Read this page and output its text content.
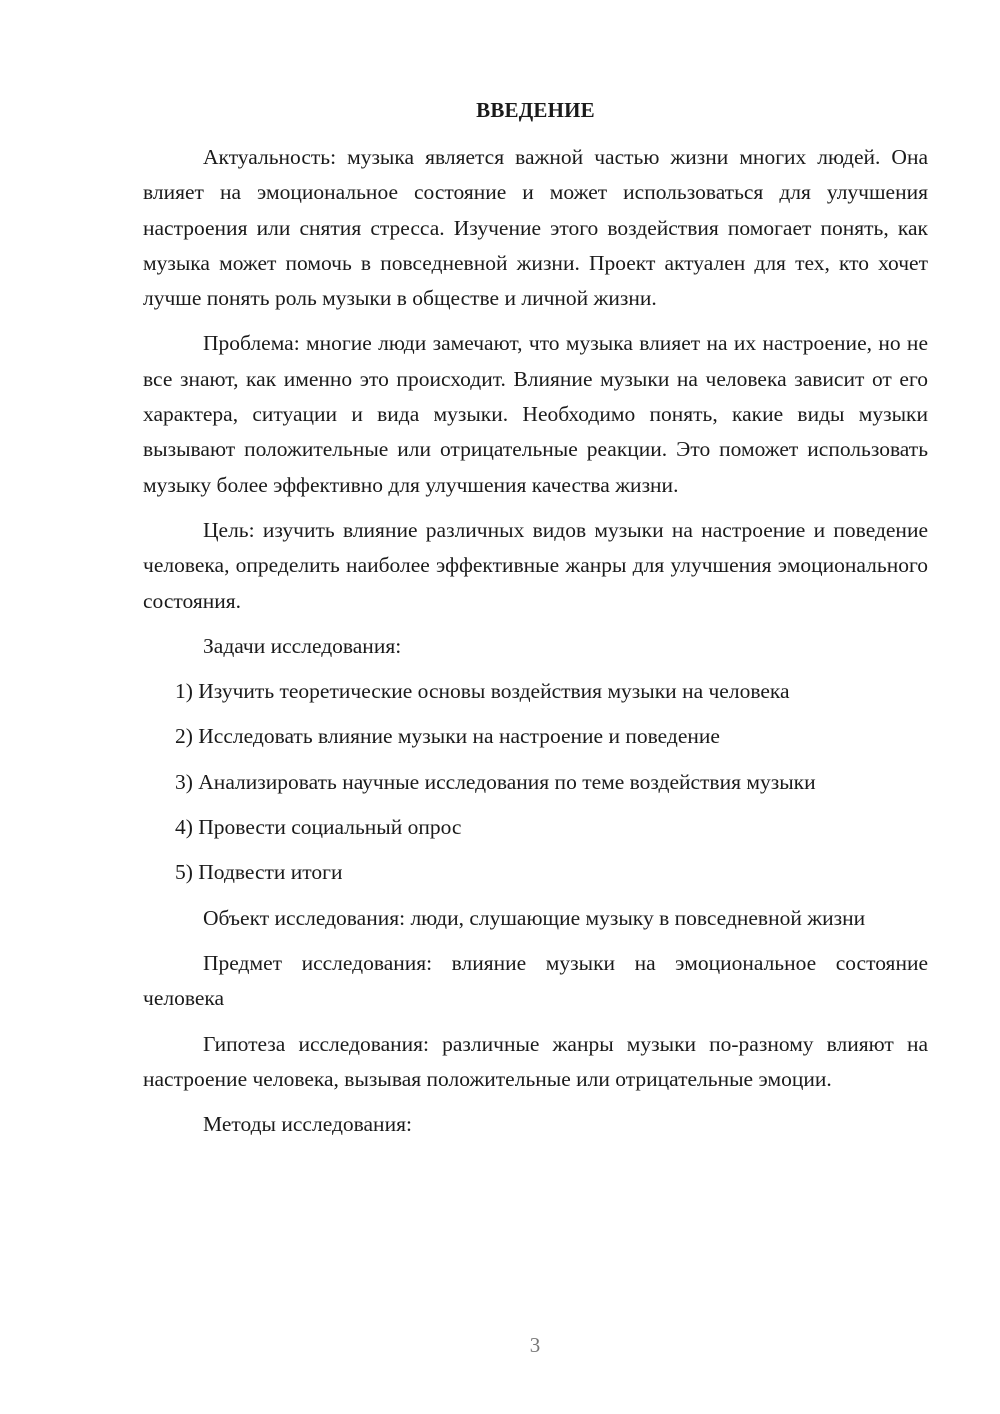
ВВЕДЕНИЕ

Актуальность: музыка является важной частью жизни многих людей. Она влияет на эмоциональное состояние и может использоваться для улучшения настроения или снятия стресса. Изучение этого воздействия помогает понять, как музыка может помочь в повседневной жизни. Проект актуален для тех, кто хочет лучше понять роль музыки в обществе и личной жизни.

Проблема: многие люди замечают, что музыка влияет на их настроение, но не все знают, как именно это происходит. Влияние музыки на человека зависит от его характера, ситуации и вида музыки. Необходимо понять, какие виды музыки вызывают положительные или отрицательные реакции. Это поможет использовать музыку более эффективно для улучшения качества жизни.

Цель: изучить влияние различных видов музыки на настроение и поведение человека, определить наиболее эффективные жанры для улучшения эмоционального состояния.

Задачи исследования:

1) Изучить теоретические основы воздействия музыки на человека

2) Исследовать влияние музыки на настроение и поведение

3) Анализировать научные исследования по теме воздействия музыки

4) Провести социальный опрос

5) Подвести итоги

Объект исследования: люди, слушающие музыку в повседневной жизни

Предмет исследования: влияние музыки на эмоциональное состояние человека

Гипотеза исследования: различные жанры музыки по-разному влияют на настроение человека, вызывая положительные или отрицательные эмоции.

Методы исследования:

3
